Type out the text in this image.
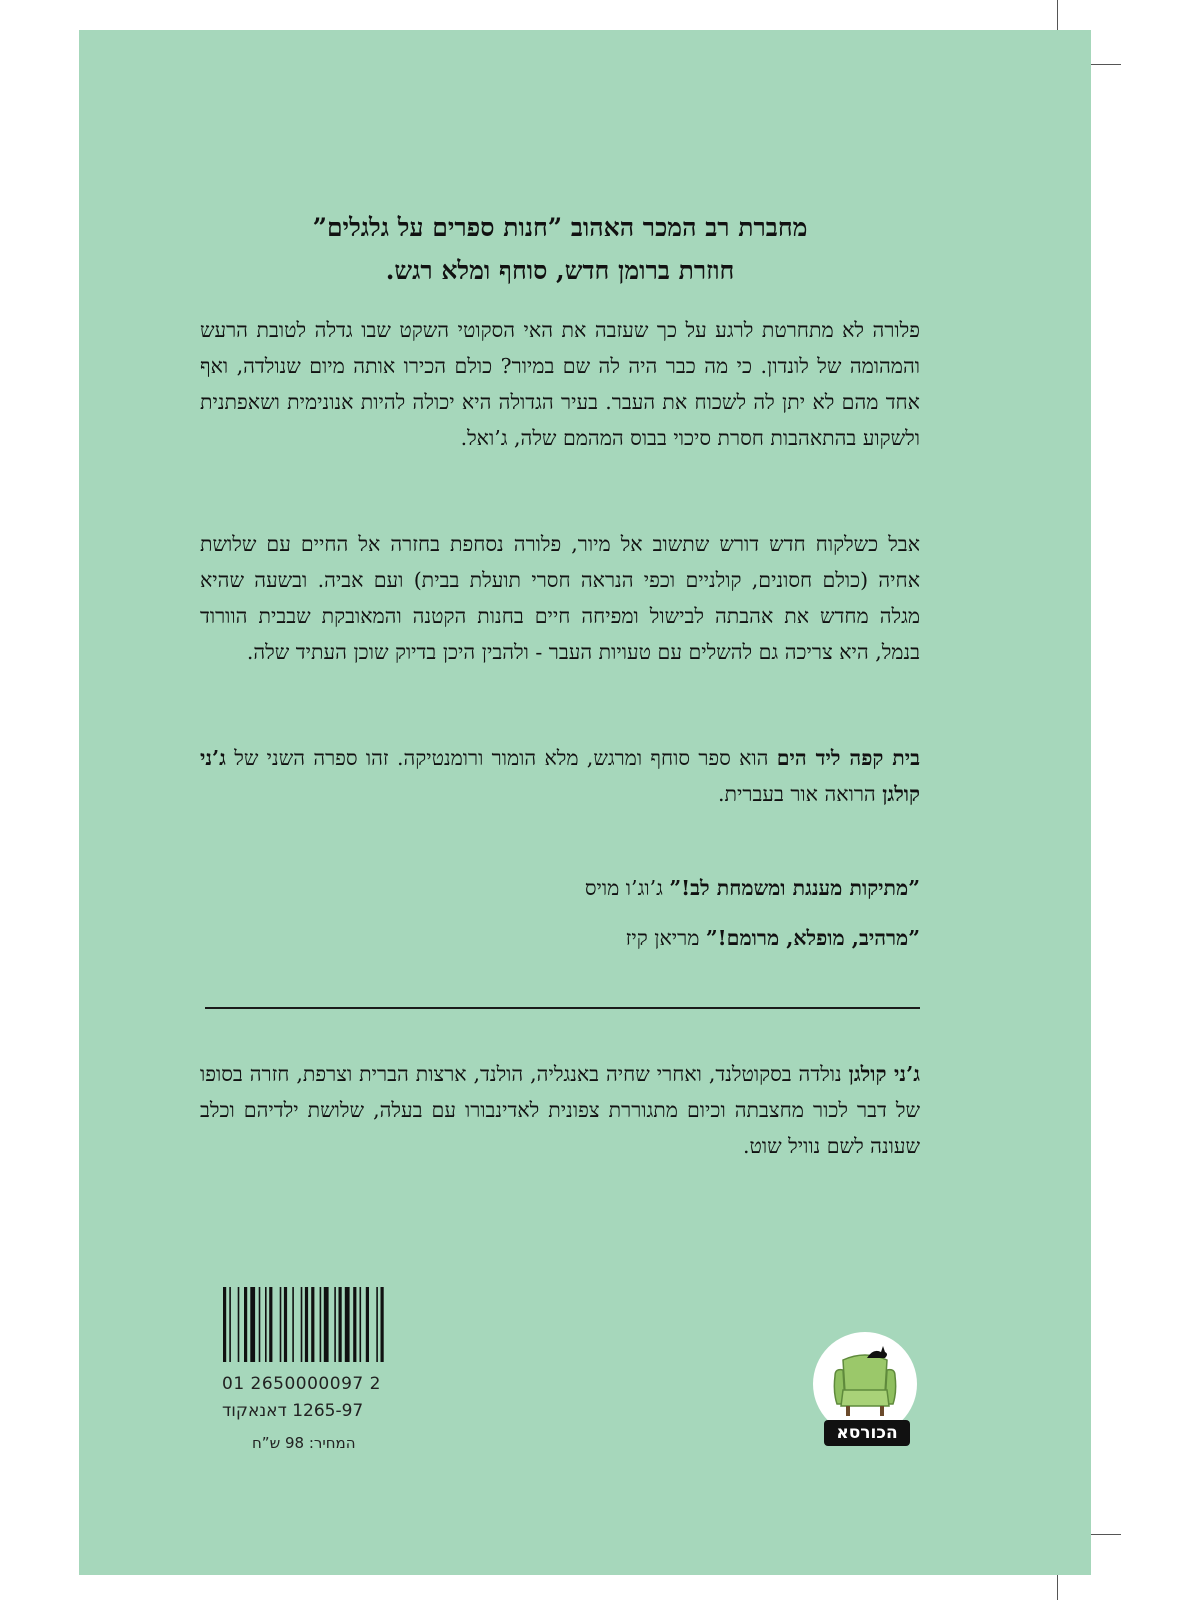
מחברת רב המכר האהוב ”חנות ספרים על גלגלים”
חוזרת ברומן חדש, סוחף ומלא רגש.
פלורה לא מתחרטת לרגע על כך שעזבה את האי הסקוטי השקט שבו גדלה לטובת הרעש והמהומה של לונדון. כי מה כבר היה לה שם במיור? כולם הכירו אותה מיום שנולדה, ואף אחד מהם לא יתן לה לשכוח את העבר. בעיר הגדולה היא יכולה להיות אנונימית ושאפתנית ולשקוע בהתאהבות חסרת סיכוי בבוס המהמם שלה, ג’ואל.
אבל כשלקוח חדש דורש שתשוב אל מיור, פלורה נסחפת בחזרה אל החיים עם שלושת אחיה (כולם חסונים, קולניים וכפי הנראה חסרי תועלת בבית) ועם אביה. ובשעה שהיא מגלה מחדש את אהבתה לבישול ומפיחה חיים בחנות הקטנה והמאובקת שבבית הוורוד בנמל, היא צריכה גם להשלים עם טעויות העבר - ולהבין היכן בדיוק שוכן העתיד שלה.
בית קפה ליד הים הוא ספר סוחף ומרגש, מלא הומור ורומנטיקה. זהו ספרה השני של ג’ני קולגן הרואה אור בעברית.
”מתיקות מענגת ומשמחת לב!” ג’וג’ו מויס
”מרהיב, מופלא, מרומם!” מריאן קיז
ג’ני קולגן נולדה בסקוטלנד, ואחרי שחיה באנגליה, הולנד, ארצות הברית וצרפת, חזרה בסופו של דבר לכור מחצבתה וכיום מתגוררת צפונית לאדינבורו עם בעלה, שלושת ילדיהם וכלב שעונה לשם נוויל שוט.
01 2650000097 2
1265-97 דאנאקוד
המחיר: 98 ש”ח	הכורסא
